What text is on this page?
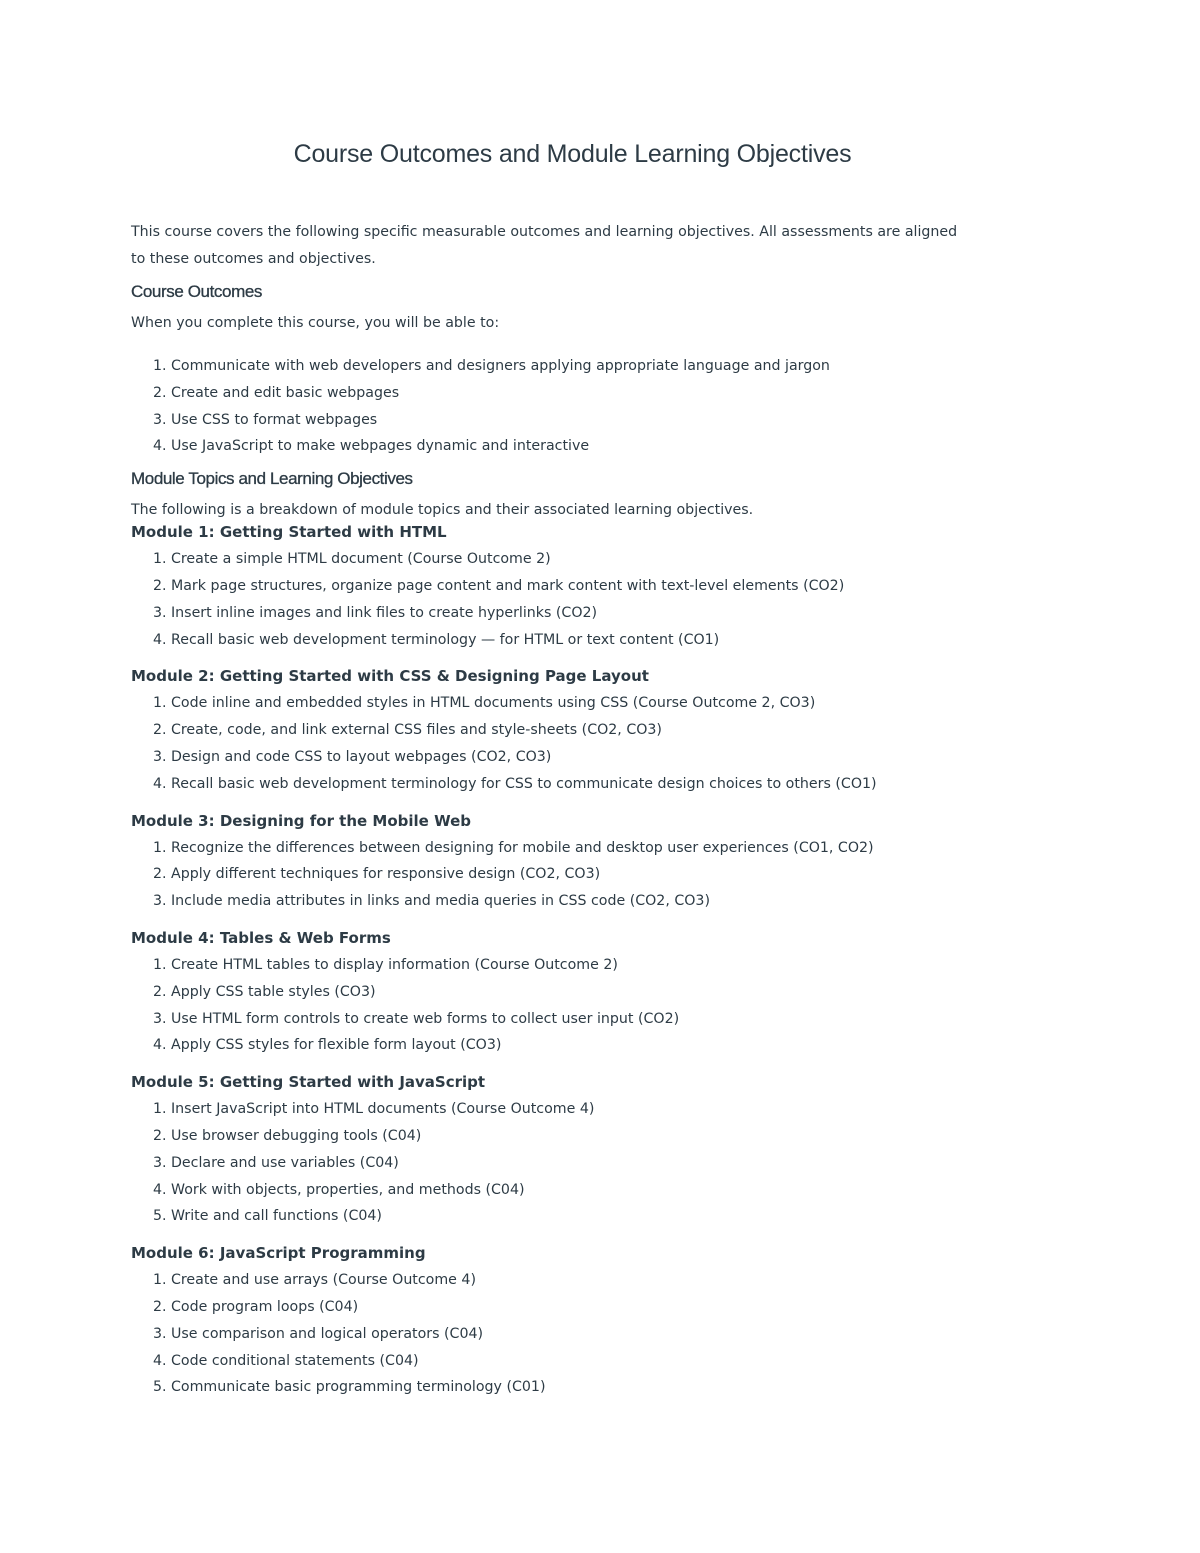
Course Outcomes and Module Learning Objectives

This course covers the following specific measurable outcomes and learning objectives. All assessments are aligned to these outcomes and objectives.

Course Outcomes

When you complete this course, you will be able to:

1. Communicate with web developers and designers applying appropriate language and jargon
2. Create and edit basic webpages
3. Use CSS to format webpages
4. Use JavaScript to make webpages dynamic and interactive
Module Topics and Learning Objectives

The following is a breakdown of module topics and their associated learning objectives.

Module 1: Getting Started with HTML
1. Create a simple HTML document (Course Outcome 2)
2. Mark page structures, organize page content and mark content with text-level elements (CO2)
3. Insert inline images and link files to create hyperlinks (CO2)
4. Recall basic web development terminology — for HTML or text content (CO1)
Module 2: Getting Started with CSS & Designing Page Layout
1. Code inline and embedded styles in HTML documents using CSS (Course Outcome 2, CO3)
2. Create, code, and link external CSS files and style-sheets (CO2, CO3)
3. Design and code CSS to layout webpages (CO2, CO3)
4. Recall basic web development terminology for CSS to communicate design choices to others (CO1)
Module 3: Designing for the Mobile Web
1. Recognize the differences between designing for mobile and desktop user experiences (CO1, CO2)
2. Apply different techniques for responsive design (CO2, CO3)
3. Include media attributes in links and media queries in CSS code (CO2, CO3)
Module 4: Tables & Web Forms
1. Create HTML tables to display information (Course Outcome 2)
2. Apply CSS table styles (CO3)
3. Use HTML form controls to create web forms to collect user input (CO2)
4. Apply CSS styles for flexible form layout (CO3)
Module 5: Getting Started with JavaScript
1. Insert JavaScript into HTML documents (Course Outcome 4)
2. Use browser debugging tools (C04)
3. Declare and use variables (C04)
4. Work with objects, properties, and methods (C04)
5. Write and call functions (C04)
Module 6: JavaScript Programming
1. Create and use arrays (Course Outcome 4)
2. Code program loops (C04)
3. Use comparison and logical operators (C04)
4. Code conditional statements (C04)
5. Communicate basic programming terminology (C01)
